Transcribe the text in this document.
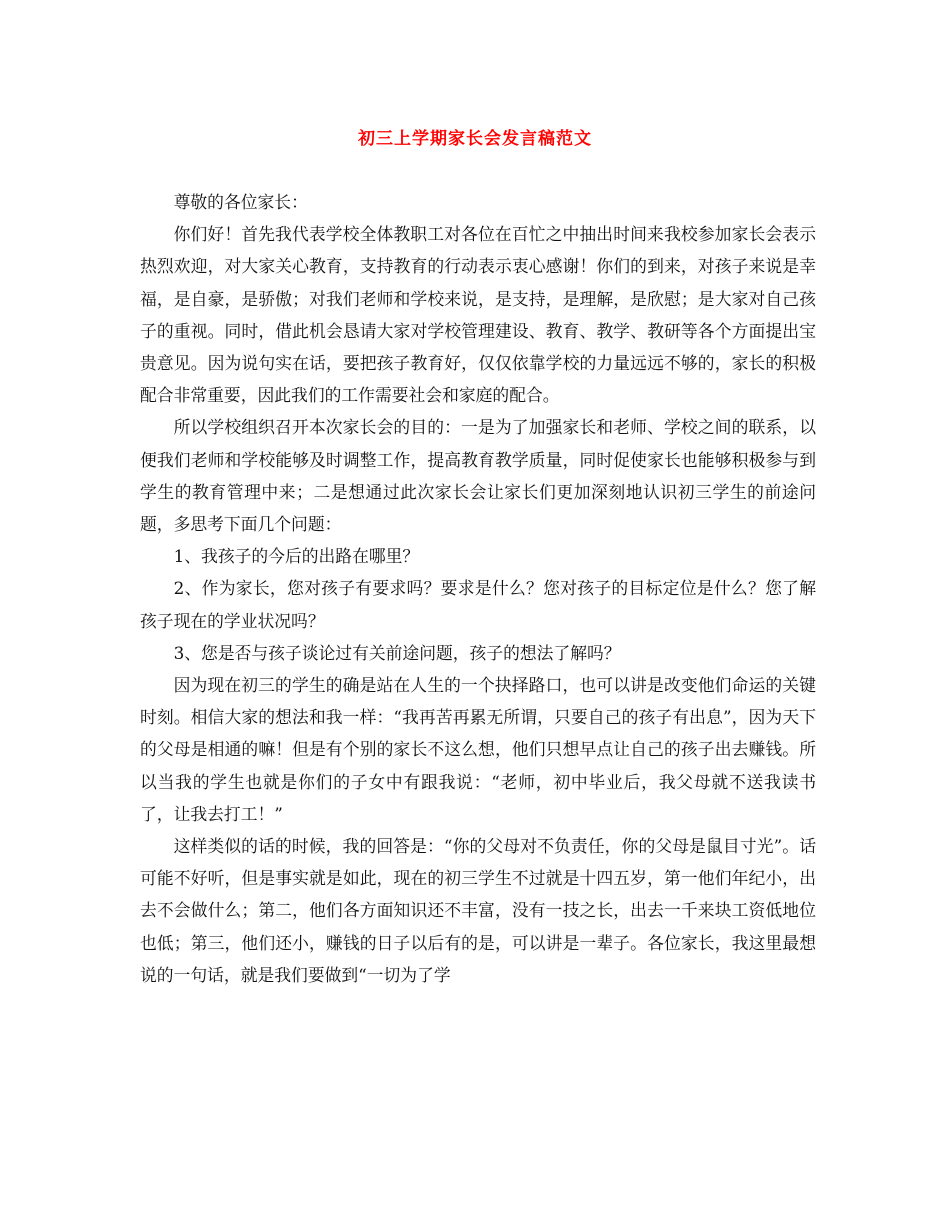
初三上学期家长会发言稿范文

尊敬的各位家长：

你们好！首先我代表学校全体教职工对各位在百忙之中抽出时间来我校参加家长会表示热烈欢迎，对大家关心教育，支持教育的行动表示衷心感谢！你们的到来，对孩子来说是幸福，是自豪，是骄傲；对我们老师和学校来说，是支持，是理解，是欣慰；是大家对自己孩子的重视。同时，借此机会恳请大家对学校管理建设、教育、教学、教研等各个方面提出宝贵意见。因为说句实在话，要把孩子教育好，仅仅依靠学校的力量远远不够的，家长的积极配合非常重要，因此我们的工作需要社会和家庭的配合。

所以学校组织召开本次家长会的目的：一是为了加强家长和老师、学校之间的联系，以便我们老师和学校能够及时调整工作，提高教育教学质量，同时促使家长也能够积极参与到学生的教育管理中来；二是想通过此次家长会让家长们更加深刻地认识初三学生的前途问题，多思考下面几个问题：

1、我孩子的今后的出路在哪里？

2、作为家长，您对孩子有要求吗？要求是什么？您对孩子的目标定位是什么？您了解孩子现在的学业状况吗？

3、您是否与孩子谈论过有关前途问题，孩子的想法了解吗？

因为现在初三的学生的确是站在人生的一个抉择路口，也可以讲是改变他们命运的关键时刻。相信大家的想法和我一样：“我再苦再累无所谓，只要自己的孩子有出息”，因为天下的父母是相通的嘛！但是有个别的家长不这么想，他们只想早点让自己的孩子出去赚钱。所以当我的学生也就是你们的子女中有跟我说：“老师，初中毕业后，我父母就不送我读书了，让我去打工！”

这样类似的话的时候，我的回答是：“你的父母对不负责任，你的父母是鼠目寸光”。话可能不好听，但是事实就是如此，现在的初三学生不过就是十四五岁，第一他们年纪小，出去不会做什么；第二，他们各方面知识还不丰富，没有一技之长，出去一千来块工资低地位也低；第三，他们还小，赚钱的日子以后有的是，可以讲是一辈子。各位家长，我这里最想说的一句话，就是我们要做到“一切为了学
